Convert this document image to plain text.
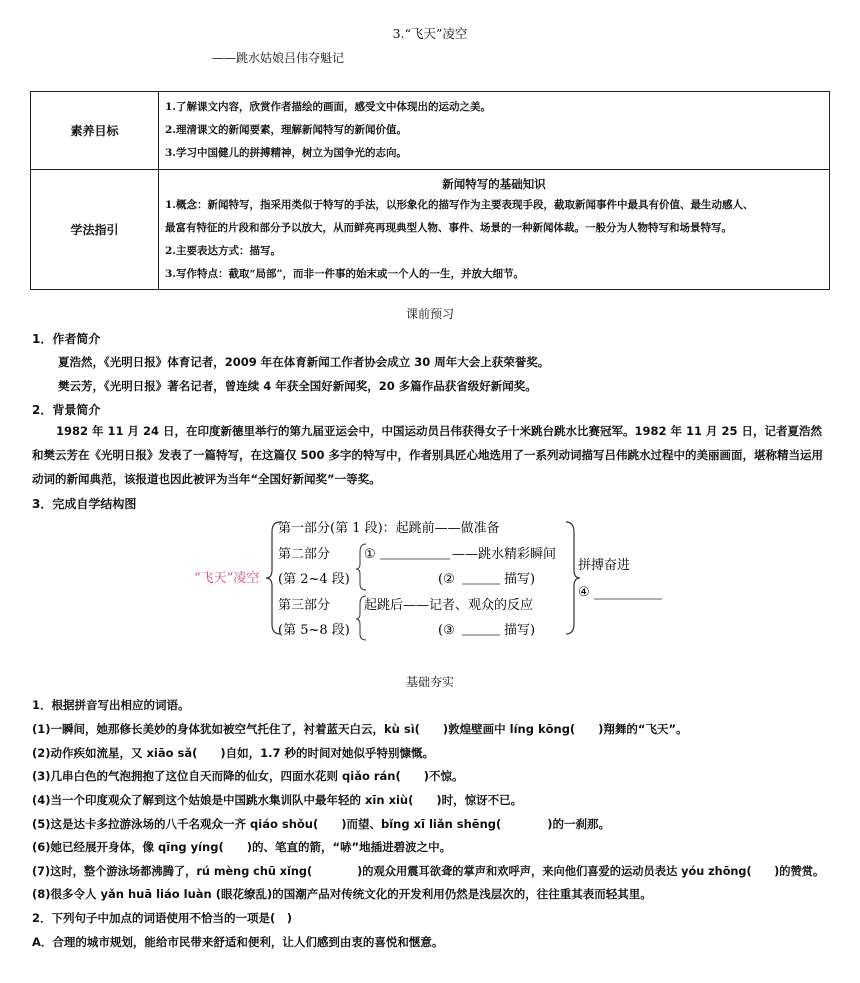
3.“飞天”凌空
——跳水姑娘吕伟夺魁记
素养目标	1.了解课文内容，欣赏作者描绘的画面，感受文中体现出的运动之美。
2.理清课文的新闻要素，理解新闻特写的新闻价值。
3.学习中国健儿的拼搏精神，树立为国争光的志向。

学法指引	新闻特写的基础知识
1.概念：新闻特写，指采用类似于特写的手法，以形象化的描写作为主要表现手段，截取新闻事件中最具有价值、最生动感人、
最富有特征的片段和部分予以放大，从而鲜亮再现典型人物、事件、场景的一种新闻体裁。一般分为人物特写和场景特写。
2.主要表达方式：描写。
3.写作特点：截取“局部”，而非一件事的始末或一个人的一生，并放大细节。
课前预习
1．作者简介
夏浩然，《光明日报》体育记者，2009 年在体育新闻工作者协会成立 30 周年大会上获荣誉奖。
樊云芳，《光明日报》著名记者，曾连续 4 年获全国好新闻奖，20 多篇作品获省级好新闻奖。
2．背景简介
1982 年 11 月 24 日，在印度新德里举行的第九届亚运会中，中国运动员吕伟获得女子十米跳台跳水比赛冠军。1982 年 11 月 25 日，记者夏浩然和樊云芳在《光明日报》发表了一篇特写，在这篇仅 500 多字的特写中，作者别具匠心地选用了一系列动词描写吕伟跳水过程中的美丽画面，堪称精当运用动词的新闻典范，该报道也因此被评为当年“全国好新闻奖”一等奖。
3．完成自学结构图
“飞天”凌空
第一部分(第 1 段)：起跳前——做准备
第二部分
(第 2~4 段)
①	——跳水精彩瞬间
(②	描写)
第三部分
(第 5~8 段)
起跳后——记者、观众的反应
(③	描写)
拼搏奋进
④
基础夯实
1．根据拼音写出相应的词语。
(1)一瞬间，她那修长美妙的身体犹如被空气托住了，衬着蓝天白云，kù sì(　　)敦煌壁画中 líng kōng(　　)翔舞的“飞天”。
(2)动作疾如流星，又 xiāo sǎ(　　)自如，1.7 秒的时间对她似乎特别慷慨。
(3)几串白色的气泡拥抱了这位自天而降的仙女，四面水花则 qiǎo rán(　　)不惊。
(4)当一个印度观众了解到这个姑娘是中国跳水集训队中最年轻的 xīn xiù(　　)时，惊讶不已。
(5)这是达卡多拉游泳场的八千名观众一齐 qiáo shǒu(　　)而望、bǐng xī liǎn shēng(　　　　)的一刹那。
(6)她已经展开身体，像 qīng yíng(　　)的、笔直的箭，“哧”地插进碧波之中。
(7)这时，整个游泳场都沸腾了，rú mèng chū xǐng(　　　　)的观众用震耳欲聋的掌声和欢呼声，来向他们喜爱的运动员表达 yóu zhōng(　　)的赞赏。
(8)很多令人 yǎn huā liáo luàn (眼花缭乱)的国潮产品对传统文化的开发利用仍然是浅层次的，往往重其表而轻其里。
2．下列句子中加点的词语使用不恰当的一项是(　)
A．合理的城市规划，能给市民带来舒适和便利，让人们感到由衷的喜悦和惬意。
